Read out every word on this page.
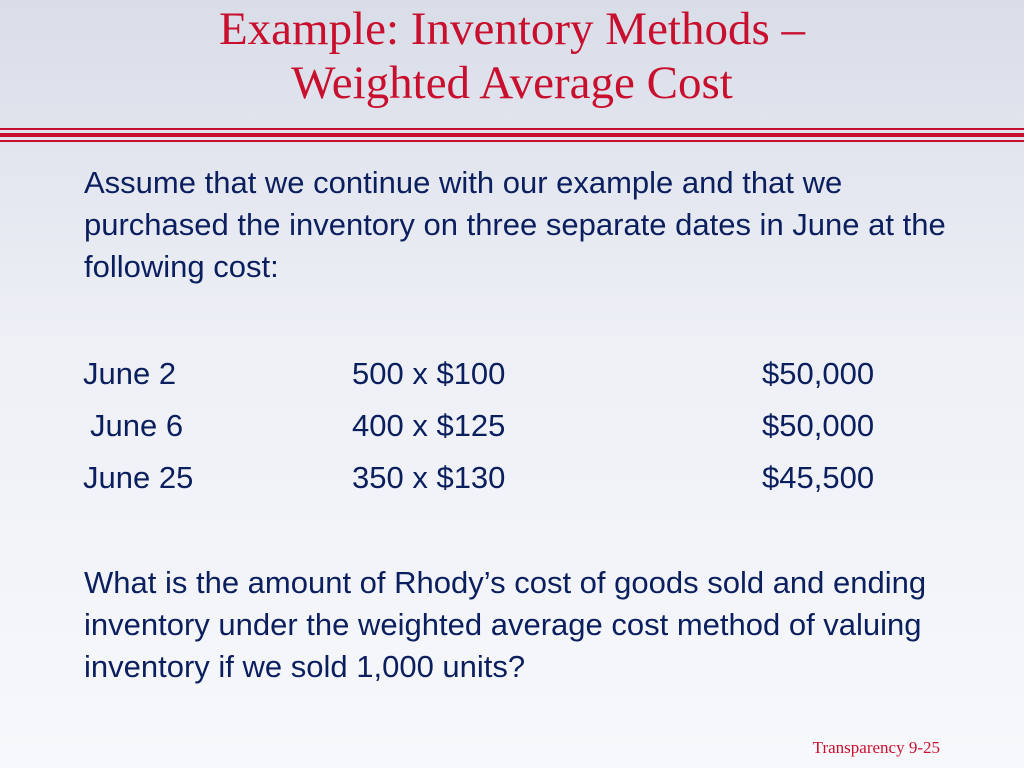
Example: Inventory Methods –
Weighted Average Cost
Assume that we continue with our example and that we purchased the inventory on three separate dates in June at the following cost:
June 2	500 x $100	$50,000
June 6	400 x $125	$50,000
June 25	350 x $130	$45,500
What is the amount of Rhody’s cost of goods sold and ending inventory under the weighted average cost method of valuing inventory if we sold 1,000 units?
Transparency 9-25
